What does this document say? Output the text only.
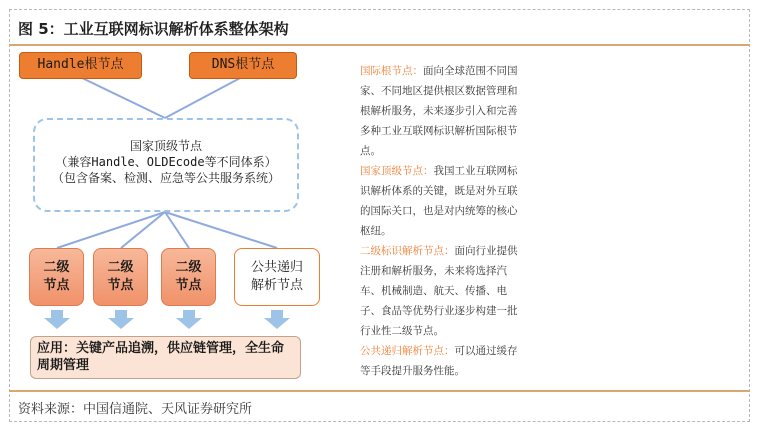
图 5：工业互联网标识解析体系整体架构
Handle根节点	DNS根节点
国家顶级节点
（兼容Handle、OLDEcode等不同体系）
（包含备案、检测、应急等公共服务系统）
二级
节点
二级
节点
二级
节点
公共递归
解析节点
应用：关键产品追溯，供应链管理，全生命周期管理
国际根节点：面向全球范围不同国家、不同地区提供根区数据管理和根解析服务，未来逐步引入和完善多种工业互联网标识解析国际根节点。
国家顶级节点：我国工业互联网标识解析体系的关键，既是对外互联的国际关口，也是对内统筹的核心枢纽。
二级标识解析节点：面向行业提供注册和解析服务，未来将选择汽车、机械制造、航天、传播、电子、食品等优势行业逐步构建一批行业性二级节点。
公共递归解析节点：可以通过缓存等手段提升服务性能。
资料来源：中国信通院、天风证券研究所
